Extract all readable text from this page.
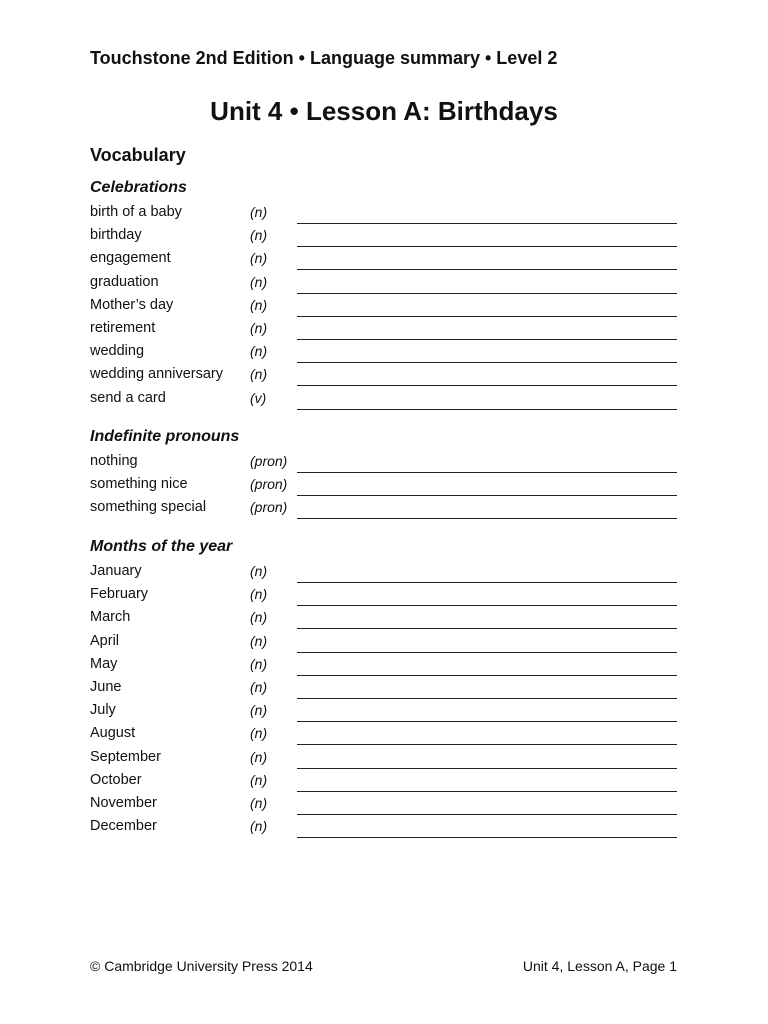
Touchstone 2nd Edition • Language summary • Level 2
Unit 4 • Lesson A: Birthdays
Vocabulary
Celebrations
birth of a baby	(n)
birthday	(n)
engagement	(n)
graduation	(n)
Mother’s day	(n)
retirement	(n)
wedding	(n)
wedding anniversary (n)
send a card	(v)
Indefinite pronouns
nothing	(pron)
something nice	(pron)
something special	(pron)
Months of the year
January	(n)
February	(n)
March	(n)
April	(n)
May	(n)
June	(n)
July	(n)
August	(n)
September	(n)
October	(n)
November	(n)
December	(n)
© Cambridge University Press 2014	Unit 4, Lesson A, Page 1
